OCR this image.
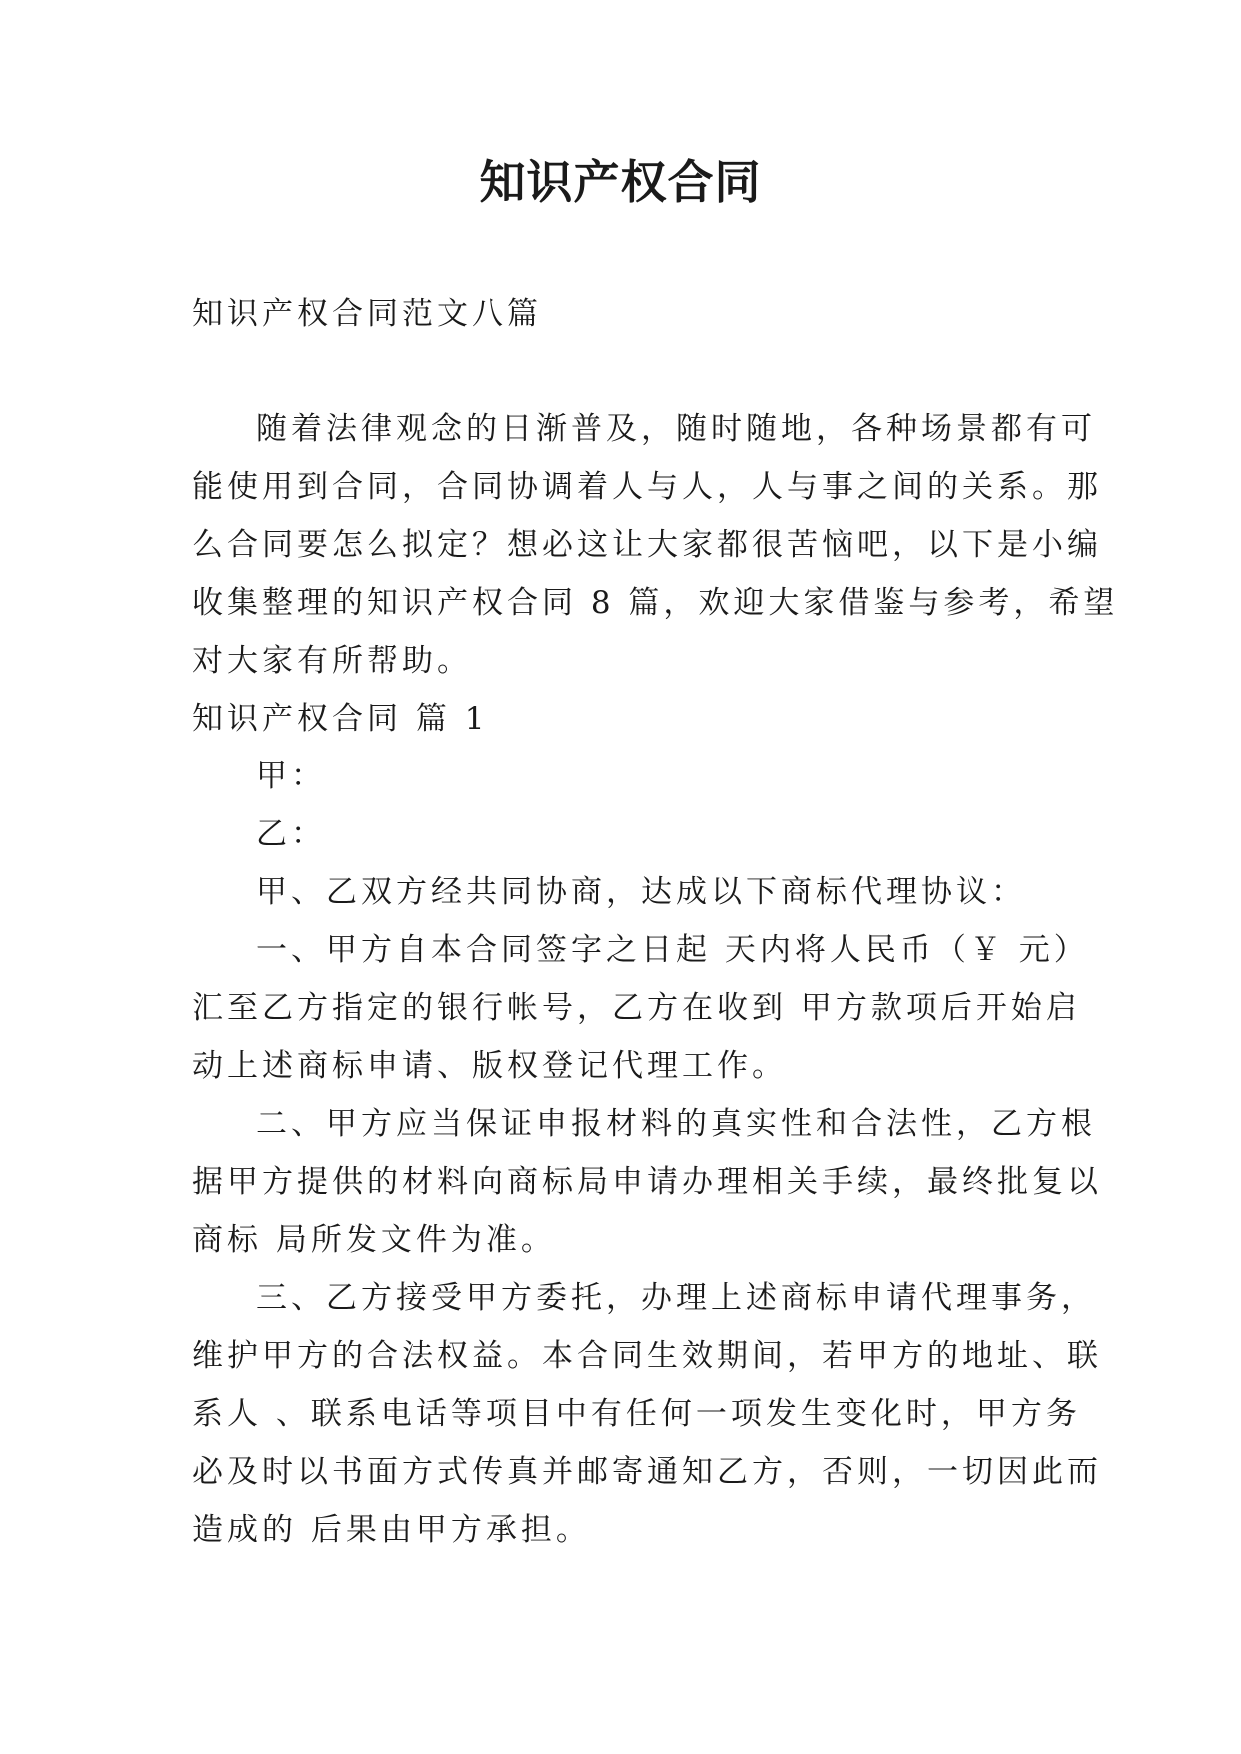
知识产权合同
知识产权合同范文八篇
随着法律观念的日渐普及，随时随地，各种场景都有可
能使用到合同，合同协调着人与人，人与事之间的关系。那
么合同要怎么拟定？想必这让大家都很苦恼吧，以下是小编
收集整理的知识产权合同 8 篇，欢迎大家借鉴与参考，希望
对大家有所帮助。
知识产权合同 篇 1
甲：
乙：
甲、乙双方经共同协商，达成以下商标代理协议：
一、甲方自本合同签字之日起 天内将人民币（￥ 元）
汇至乙方指定的银行帐号，乙方在收到 甲方款项后开始启
动上述商标申请、版权登记代理工作。
二、甲方应当保证申报材料的真实性和合法性，乙方根
据甲方提供的材料向商标局申请办理相关手续，最终批复以
商标 局所发文件为准。
三、乙方接受甲方委托，办理上述商标申请代理事务，
维护甲方的合法权益。本合同生效期间，若甲方的地址、联
系人 、联系电话等项目中有任何一项发生变化时，甲方务
必及时以书面方式传真并邮寄通知乙方，否则，一切因此而
造成的 后果由甲方承担。
